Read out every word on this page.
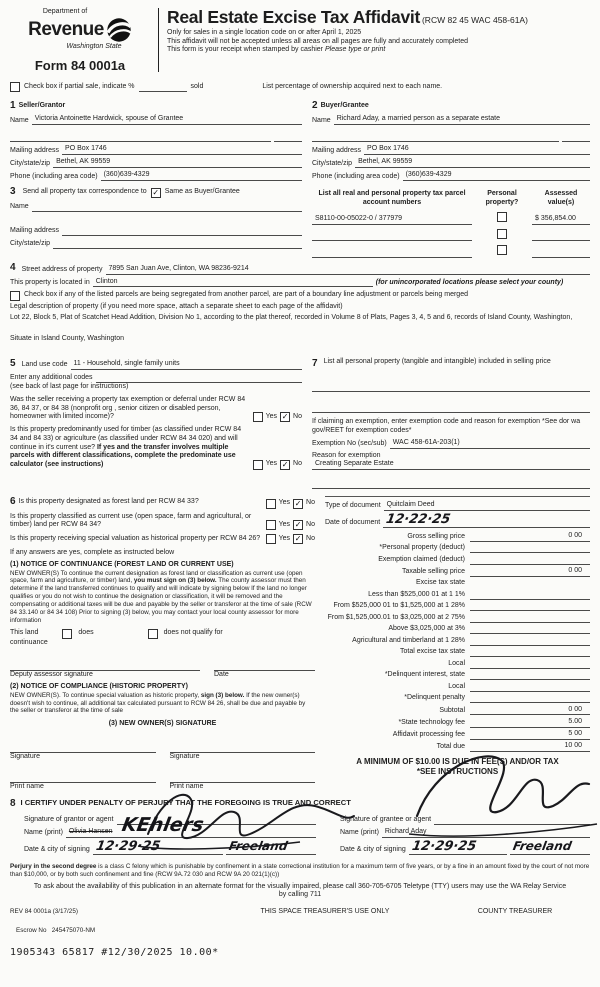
Department of
Revenue
Washington State
Form 84 0001a
Real Estate Excise Tax Affidavit (RCW 82 45 WAC 458-61A)
Only for sales in a single location code on or after April 1, 2025
This affidavit will not be accepted unless all areas on all pages are fully and accurately completed
This form is your receipt when stamped by cashier Please type or print
Check box if partial sale, indicate %	sold	List percentage of ownership acquired next to each name.
1 Seller/Grantor
Name Victoria Antoinette Hardwick, spouse of Grantee
Mailing address PO Box 1746
City/state/zip Bethel, AK 99559
Phone (including area code) (360)639-4329
2 Buyer/Grantee
Name Richard Aday, a married person as a separate estate
Mailing address PO Box 1746
City/state/zip Bethel, AK 99559
Phone (including area code) (360)639-4329
3 Send all property tax correspondence to ✓ Same as Buyer/Grantee
Name
Mailing address
City/state/zip
List all real and personal property tax parcel account numbers
Personal property?
Assessed value(s)
S8110-00-05022-0 / 377979	$ 356,854.00
4 Street address of property 7895 San Juan Ave, Clinton, WA 98236-9214
This property is located in Clinton	(for unincorporated locations please select your county)
Check box if any of the listed parcels are being segregated from another parcel, are part of a boundary line adjustment or parcels being merged
Legal description of property (if you need more space, attach a separate sheet to each page of the affidavit)
Lot 22, Block 5, Plat of Scatchet Head Addition, Division No 1, according to the plat thereof, recorded in Volume 8 of Plats, Pages 3, 4, 5 and 6, records of Island County, Washington,
Situate in Island County, Washington
5 Land use code 11 - Household, single family units
Enter any additional codes
(see back of last page for instructions)
Was the seller receiving a property tax exemption or deferral under RCW 84 36, 84 37, or 84 38 (nonprofit org , senior citizen or disabled person, homeowner with limited income)?	Yes ✓ No
Is this property predominantly used for timber (as classified under RCW 84 34 and 84 33) or agriculture (as classified under RCW 84 34 020) and will continue in it's current use? If yes and the transfer involves multiple parcels with different classifications, complete the predominate use calculator (see instructions)	Yes ✓ No
7 List all personal property (tangible and intangible) included in selling price
If claiming an exemption, enter exemption code and reason for exemption *See dor wa gov/REET for exemption codes*
Exemption No (sec/sub) WAC 458-61A-203(1)
Reason for exemption
Creating Separate Estate
6 Is this property designated as forest land per RCW 84 33?	Yes ✓ No
Is this property classified as current use (open space, farm and agricultural, or timber) land per RCW 84 34?	Yes ✓ No
Is this property receiving special valuation as historical property per RCW 84 26?	Yes ✓ No
If any answers are yes, complete as instructed below
(1) NOTICE OF CONTINUANCE (FOREST LAND OR CURRENT USE)
NEW OWNER(S) To continue the current designation as forest land or classification as current use (open space, farm and agriculture, or timber) land, you must sign on (3) below. The county assessor must then determine if the land transferred continues to qualify and will indicate by signing below If the land no longer qualifies or you do not wish to continue the designation or classification, it will be removed and the compensating or additional taxes will be due and payable by the seller or transferor at the time of sale (RCW 84 33.140 or 84 34 108) Prior to signing (3) below, you may contact your local county assessor for more information
This land	does	does not qualify for
continuance
Deputy assessor signature	Date
(2) NOTICE OF COMPLIANCE (HISTORIC PROPERTY)
NEW OWNER(S). To continue special valuation as historic property, sign (3) below. If the new owner(s) doesn't wish to continue, all additional tax calculated pursuant to RCW 84 26, shall be due and payable by the seller or transferor at the time of sale
(3) NEW OWNER(S) SIGNATURE
Signature	Signature
Print name	Print name
Type of document Quitclaim Deed
Date of document 12·22·25
Gross selling price	0 00
*Personal property (deduct)
Exemption claimed (deduct)
Taxable selling price	0 00
Excise tax state
Less than $525,000 01 at 1 1%
From $525,000 01 to $1,525,000 at 1 28%
From $1,525,000.01 to $3,025,000 at 2 75%
Above $3,025,000 at 3%
Agricultural and timberland at 1 28%
Total excise tax state
Local
*Delinquent interest, state
Local
*Delinquent penalty
Subtotal	0 00
*State technology fee	5.00
Affidavit processing fee	5 00
Total due	10 00
A MINIMUM OF $10.00 IS DUE IN FEE(S) AND/OR TAX
*SEE INSTRUCTIONS
8 I CERTIFY UNDER PENALTY OF PERJURY THAT THE FOREGOING IS TRUE AND CORRECT
Signature of grantor or agent
Name (print) Olivia Hansen
Date & city of signing 12·29·25	Freeland
Signature of grantee or agent
Name (print) Richard Aday
Date & city of signing 12·29·25	Freeland
KEhlers
Perjury in the second degree is a class C felony which is punishable by confinement in a state correctional institution for a maximum term of five years, or by a fine in an amount fixed by the court of not more than $10,000, or by both such confinement and fine (RCW 9A.72 030 and RCW 9A 20 021(1)(c))
To ask about the availability of this publication in an alternate format for the visually impaired, please call 360-705-6705 Teletype (TTY) users may use the WA Relay Service by calling 711
REV 84 0001a (3/17/25)	THIS SPACE TREASURER'S USE ONLY	COUNTY TREASURER
Escrow No 245475070-NM
1905343 65817 #12/30/2025 10.00*
